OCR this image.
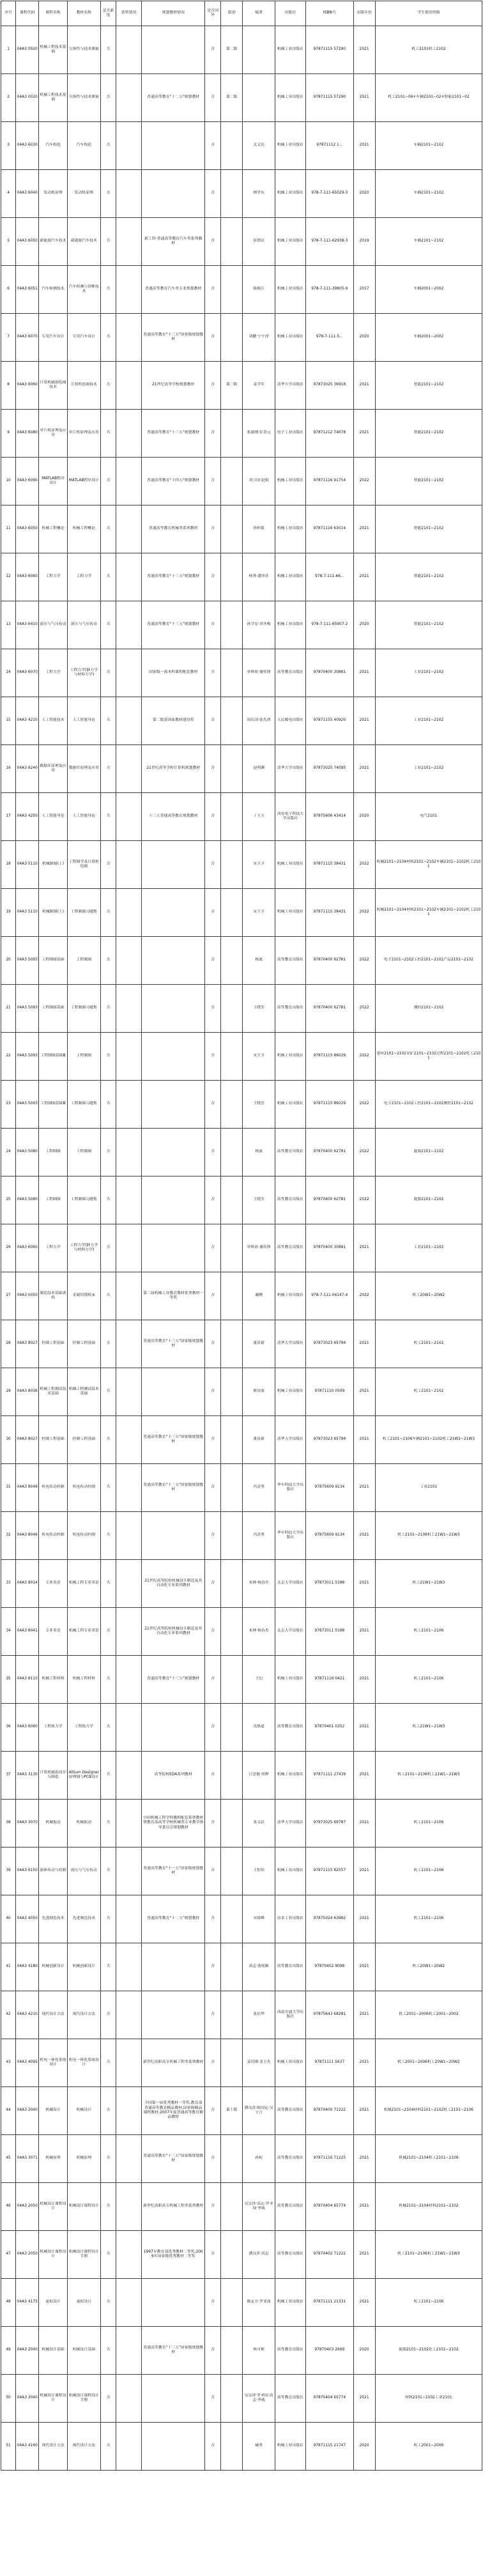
序号	课程代码	课程名称	教材名称	是否新选	获奖情况	规划教材情况	是否国外	版别	编著	出版社	ISBN号	出版年份	学生使用班级
1	04A3 0020	机械工程技术基础	互换性与技术测量	否			否	第二版		机械工业出版社	97871115 57290	2021	机工2101机工2102
2	04A3 0020	机械工程技术基础	互换性与技术测量	否		普通高等教育"十二五"规划教材	否	第二版		机械工业出版社	97871115 57290	2021	机工2101~06+车辆2101~02+智能2101~02
3	04A3 6030	汽车构造	汽车构造	否			否		关文达	机械工业出版社	97871112 1...	2021	车辆2101~2102
4	04A3 6040	发动机原理	发动机原理	否			否		林学东	机械工业出版社	978-7-111-65029-3	2020	车辆2101~2102
5	04A3 6050	新能源汽车技术	新能源汽车技术	否		新工科·普通高等教育汽车类系列教材	否		崔胜民	机械工业出版社	978-7-111-62938-3	2019	车辆2101~2102
6	04A3 6051	汽车检测技术	汽车检测与诊断技术	否		普通高等教育汽车类专业规划教材	否		陈焕江	机械工业出版社	978-7-111-39805-9	2017	车辆2001~2002
7	04A3 6070	专用汽车设计	专用汽车设计	否		普通高等教育"十三五"国家级规划教材	否		刘鹏·宁宇泽	机械工业出版社	978-7-111-5...	2020	车辆2001~2002
8	04A3 6060	计算机辅助绘图技术	计算机绘图技术	否		21世纪高等学校规划教材	否	第三版	姜学军	清华大学出版社	97873025 36918	2021	智能2101~2102
9	04A3 6080	单片机原理及应用	单片机原理及应用	否		普通高等教育"十三五"规划教材	否		张毅刚·彭喜元	电子工业出版社	97871212 74078	2021	智能2101~2102
10	04A3 6090	MATLAB程序设计	MATLAB程序设计	否		普通高等教育"十四五"规划教材	否		刘卫国·赵娟	机械工业出版社	97871116 91754	2022	智能2101~2102
11	04A3 6050	机械工程概论	机械工程概论	否		普通高等教育机械类系列教材	否		孙桂银	机械工业出版社	97871116 63014	2021	智能2101~2102
12	04A3 6060	工程力学	工程力学	否		普通高等教育"十三五"规划教材	否		杨秀·潘伟佳	机械工业出版社	978-7-111-66...	2021	智能2101~2102
13	04A3 6410	液压与气压传动	液压与气压传动	否		普通高等教育"十三五"规划教材	否		孙学宏·刘冬梅	机械工业出版社	978-7-111-65907-2	2020	智能2101~2102
14	04A3 6070	工程力学	工程力学(静力学与材料力学)	否		国家级一流本科课程配套教材	否		单辉祖·谢传锋	高等教育出版社	97870400 30881	2021	工业2101~2102
15	04A3 4210	人工智能技术	人工智能导论	否		第二版获国家教材建设奖	否		周庆国·张先鸿	人民邮电出版社	97871155 40920	2021	工业2101~2102
16	04A3 6240	数据库原理及应用	数据库原理及应用	否		21世纪高等学校计算机规划教材	否		赵明渊	清华大学出版社	97873025 74095	2021	工业2101~2102
17	04A3 4250	人工智能导论	人工智能导论	否		十三五普通高等教育规划教材	否		丁玉玉	西安电子科技大学出版社	97875606 43414	2020	电气2101
18	04A3 5110	机械制图(上)	工程图学及计算机绘图	否			否		宋卫卫	机械工业出版社	97871115 38431	2022	机械2101~2104材料2101~2102车辆2101~2102机工2101
19	04A3 5110	机械制图(上)	工程制图习题集	否			否		宋卫卫	机械工业出版社	97871115 38431	2022	机械2101~2104材料2101~2102车辆2101~2102机工2101
20	04A3 5093	工程制图基础	工程制图	否			否		杨波	高等教育出版社	97870400 62781	2022	电子2101~2102工控2101~2102产品2101~2102
21	04A3 5093	工程制图基础	工程制图习题集	否			否		王晓芳	高等教育出版社	97870400 62781	2022	测控2101~2102
22	04A3 5093	工程制图基础B	工程制图	否			否		宋卫卫	机械工业出版社	97871115 86029	2022	建环2101~2102采矿2101~2102过程2101~2102化工2101
23	04A3 5093	工程制图基础B	工程制图习题集	否			否		王晓芳	机械工业出版社	97871115 86029	2022	电子2101~2102工控2101~2102测控2101~2102
24	04A3 5080	工程制图	工程制图	否			否		杨波	高等教育出版社	97870400 62781	2022	能源2101~2102
25	04A3 5080	工程制图	工程制图习题集	否			否		王晓芳	高等教育出版社	97870400 62781	2022	能源2101~2102
26	04A3 6060	工程力学	工程力学(静力学与材料力学)	否			否		单辉祖·谢传锋	高等教育出版社	97870400 30881	2021	工业2101~2102
27	04A3 0050	制造技术基础训练	金属切削机床	否		第三届机械工业教育教材优秀教材一等奖	否		戴曙	机械工业出版社	978-7-111-04147-4	2022	机工20W1~20W2
28	04A3 8027	控制工程基础	控制工程基础	否		普通高等教育"十三五"国家级规划教材	否		董景新	清华大学出版社	97873023 65794	2021	机工2101~2102
29	04A3 8036	机械工程测试技术基础	机械工程测试技术基础	否			否		熊诗波	机械工业出版社	97871110 0509	2021	机工2101~2102
30	04A3 8027	控制工程基础	控制工程基础	否		普通高等教育"十三五"国家级规划教材	否		董景新	清华大学出版社	97873023 65794	2021	机工2101~2106车辆2101~2102机工21W1~21W3
31	04A3 8046	机电传动控制	机电传动控制	否		普通高等教育"十二五"国家级规划教材	否		冯清秀	华中科技大学出版社	97875609 9134	2021	工业2101
32	04A3 8046	机电传动控制	机电传动控制	否			否		冯清秀	华中科技大学出版社	97875609 9134	2021	机工2101~2106机工21W1~21W3
33	04A3 8014	专业英语	机械工程专业英语	否		21世纪高等院校机械设计制造及其自动化专业系列教材	否		朱林·杨春杰	北京大学出版社	97873011 5188	2021	机工21W1~21W3
34	04A3 8041	专业英语	机械工程专业英语	否		21世纪高等院校机械设计制造及其自动化专业系列教材	否		朱林·杨春杰	北京大学出版社	97873011 5188	2021	机工2101~2106
35	04A3 8110	机械工程材料	机械工程材料	否		普通高等教育"十三五"规划教材	否		王纪	机械工业出版社	97871116 0421	2021	机工2101~2106
36	04A3 6060	工程热力学	工程热力学	否			否		沈维道	高等教育出版社	97870401 0352	2021	机工21W1~21W3
37	04A3 3130	计算机辅助设计与制造	Altium Designer原理图与PCB设计	否		高等院校EDA系列教材	否		江思敏·胡烨	机械工业出版社	97871111 27439	2021	机工2101~2106机工21W1~21W3
38	04A3 3070	机械振动	机械振动	否		中国机械工程学科教程配套系列教材暨教育部高等学校机械类专业教学指导委员会规划教材	否		张义民	清华大学出版社	97873025 69787	2021	机工2101~2106
39	04A3 6150	流体传动与控制	液压与气压传动	否		普通高等教育"十一五"国家级规划教材	否		王积伟	机械工业出版社	97871115 82557	2021	机工2101~2106
40	04A3 4050	先进制造技术	先进制造技术	否		普通高等教育"十二五"规划教材	否		宋绪峰	冶金工业出版社	97875024 63982	2021	机工2101~2106
41	04A3 4180	机械创新设计	机械创新设计	否			否		高志·黄纯颖	高等教育出版社	97870402 9098	2021	机工20W1~20W2
42	04A3 4210	现代设计方法	现代设计方法	否			否		张信华	西南交通大学出版社	97875643 68281	2021	机工2001~2006机工2001~2002
43	04A3 4095	机电一体化系统设计	机电一体化系统设计	否		新世纪高职高专机械工程类系列教材	否		姜培刚·盖玉先	机械工业出版社	97871111 5637	2021	机工2001~2006机工20W1~20W2
44	04A3 2040	机械设计	机械设计	否		全国第一届优秀教材一等奖,教育部普通高等教育精品教材,国家级精品课程教材,2007年度普通高等教育精品教材	否	第十版	濮良贵·陈国定·吴立言	高等教育出版社	97870400 71222	2021	机械2101~2104材料2101~2102机工2101~2106
45	04A3 3071	机械原理	机械原理	否		普通高等教育"十二五"国家级规划教材	否		孙桓	高等教育出版社	97871116 71225	2021	机械2101~2104机工2101~2106
46	04A3 2050	机械设计课程设计	机械设计课程设计	否		新世纪高职高专机械工程类系列教材	否		吴宗泽·高志·罗圣国·李威	高等教育出版社	97870404 65774	2021	机械2101~2104材料2101~2102
47	04A3 2050	机械设计课程设计	机械设计课程设计手册	否		1997年教育部优秀教材二等奖,2006年国家级优秀教材二等奖	否		濮良贵·高志	高等教育出版社	97870402 71222	2021	机工2101~2106机工21W1~21W3
48	04A3 4175	虚拟设计	虚拟设计	否			否		陈定方·罗亚波	机械工业出版社	97871111 21331	2021	机工2101~2106
49	04A3 2040	机械设计基础	机械设计基础	否		普通高等教育"十三五"国家级规划教材	否		杨可桢	高等教育出版社	97870403 2669	2020	能源2101~2102化工2101~2102
50	04A3 2040	机械设计课程设计	机械设计课程设计手册	否			否		吴宗泽·罗圣国·高志·李威	高等教育出版社	97870404 65774	2021	材料2101~2102工业2101
51	04A3 4160	现代设计方法	现代设计方法	否			否		臧勇	机械工业出版社	97871115 21747	2020	机工2001~2006
